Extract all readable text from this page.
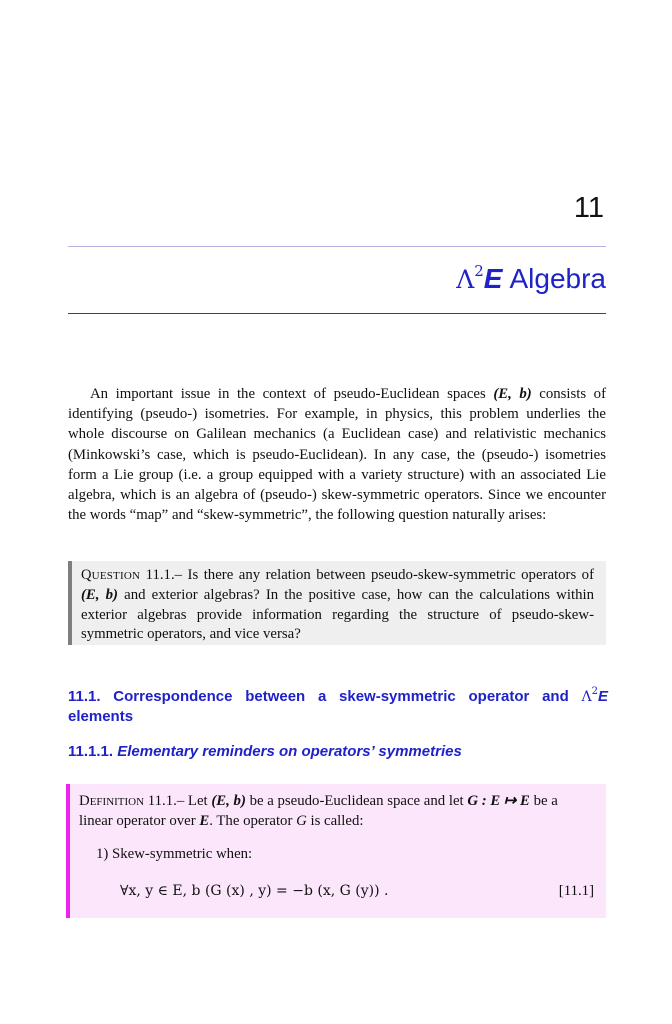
11
$\Lambda^2E$ Algebra

An important issue in the context of pseudo-Euclidean spaces (E, b) consists of identifying (pseudo-) isometries. For example, in physics, this problem underlies the whole discourse on Galilean mechanics (a Euclidean case) and relativistic mechanics (Minkowski’s case, which is pseudo-Euclidean). In any case, the (pseudo-) isometries form a Lie group (i.e. a group equipped with a variety structure) with an associated Lie algebra, which is an algebra of (pseudo-) skew-symmetric operators. Since we encounter the words “map” and “skew-symmetric”, the following question naturally arises:

QUESTION 11.1.– Is there any relation between pseudo-skew-symmetric operators of (E, b) and exterior algebras? In the positive case, how can the calculations within exterior algebras provide information regarding the structure of pseudo-skew- symmetric operators, and vice versa?
11.1. Correspondence between a skew-symmetric operator and $\Lambda^2E$ elements
11.1.1. Elementary reminders on operators’ symmetries
DEFINITION 11.1.– Let (E, b) be a pseudo-Euclidean space and let G : E ↦ E be a linear operator over E. The operator G is called:
1) Skew-symmetric when:
∀x, y ∈ E, b (G (x) , y) = −b (x, G (y)) .	[11.1]
